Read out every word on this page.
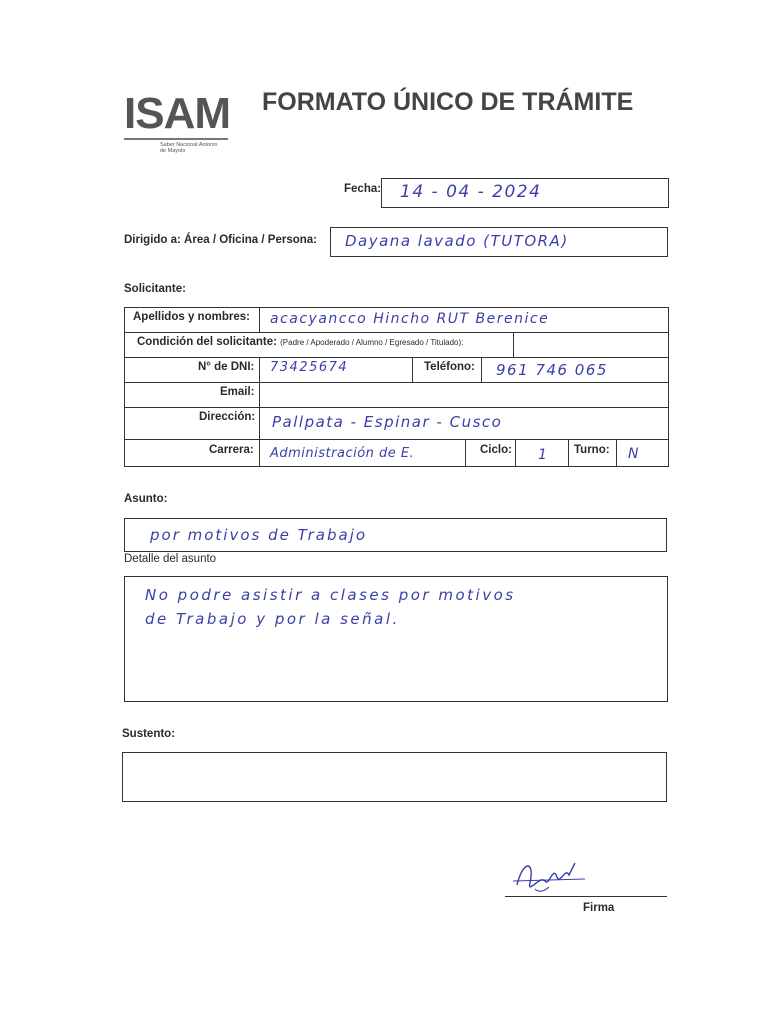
ISAM
Saber Nacional Antonio
de Mayolo
FORMATO ÚNICO DE TRÁMITE
Fecha: 14 - 04 - 2024
Dirigido a: Área / Oficina / Persona: Dayana lavado (TUTORA)
Solicitante:
Apellidos y nombres: acacyancco Hincho RUT Berenice
Condición del solicitante: (Padre / Apoderado / Alumno / Egresado / Titulado):
N° de DNI: 73425674	Teléfono: 961 746 065
Email:
Dirección: Pallpata - Espinar - Cusco
Carrera: Administración de E.	Ciclo: 1 Turno: N
Asunto:
por motivos de Trabajo
Detalle del asunto
No podre asistir a clases por motivos
de Trabajo y por la señal.
Sustento:
Firma
